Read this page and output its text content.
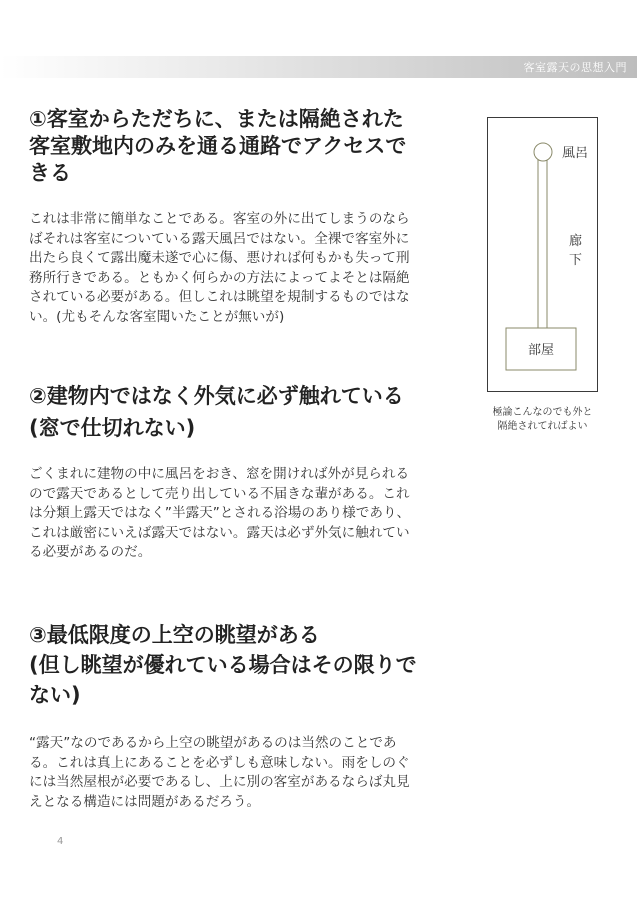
客室露天の思想入門
①客室からただちに、または隔絶された
客室敷地内のみを通る通路でアクセスで
きる
これは非常に簡単なことである。客室の外に出てしまうのなら
ばそれは客室についている露天風呂ではない。全裸で客室外に
出たら良くて露出魔未遂で心に傷、悪ければ何もかも失って刑
務所行きである。ともかく何らかの方法によってよそとは隔絶
されている必要がある。但しこれは眺望を規制するものではな
い。(尤もそんな客室聞いたことが無いが)
②建物内ではなく外気に必ず触れている
(窓で仕切れない)
ごくまれに建物の中に風呂をおき、窓を開ければ外が見られる
ので露天であるとして売り出している不届きな輩がある。これ
は分類上露天ではなく”半露天”とされる浴場のあり様であり、
これは厳密にいえば露天ではない。露天は必ず外気に触れてい
る必要があるのだ。
③最低限度の上空の眺望がある
(但し眺望が優れている場合はその限りで
ない)
“露天”なのであるから上空の眺望があるのは当然のことであ
る。これは真上にあることを必ずしも意味しない。雨をしのぐ
には当然屋根が必要であるし、上に別の客室があるならば丸見
えとなる構造には問題があるだろう。
風呂
廊
下
部屋
極論こんなのでも外と
隔絶されてればよい
4
